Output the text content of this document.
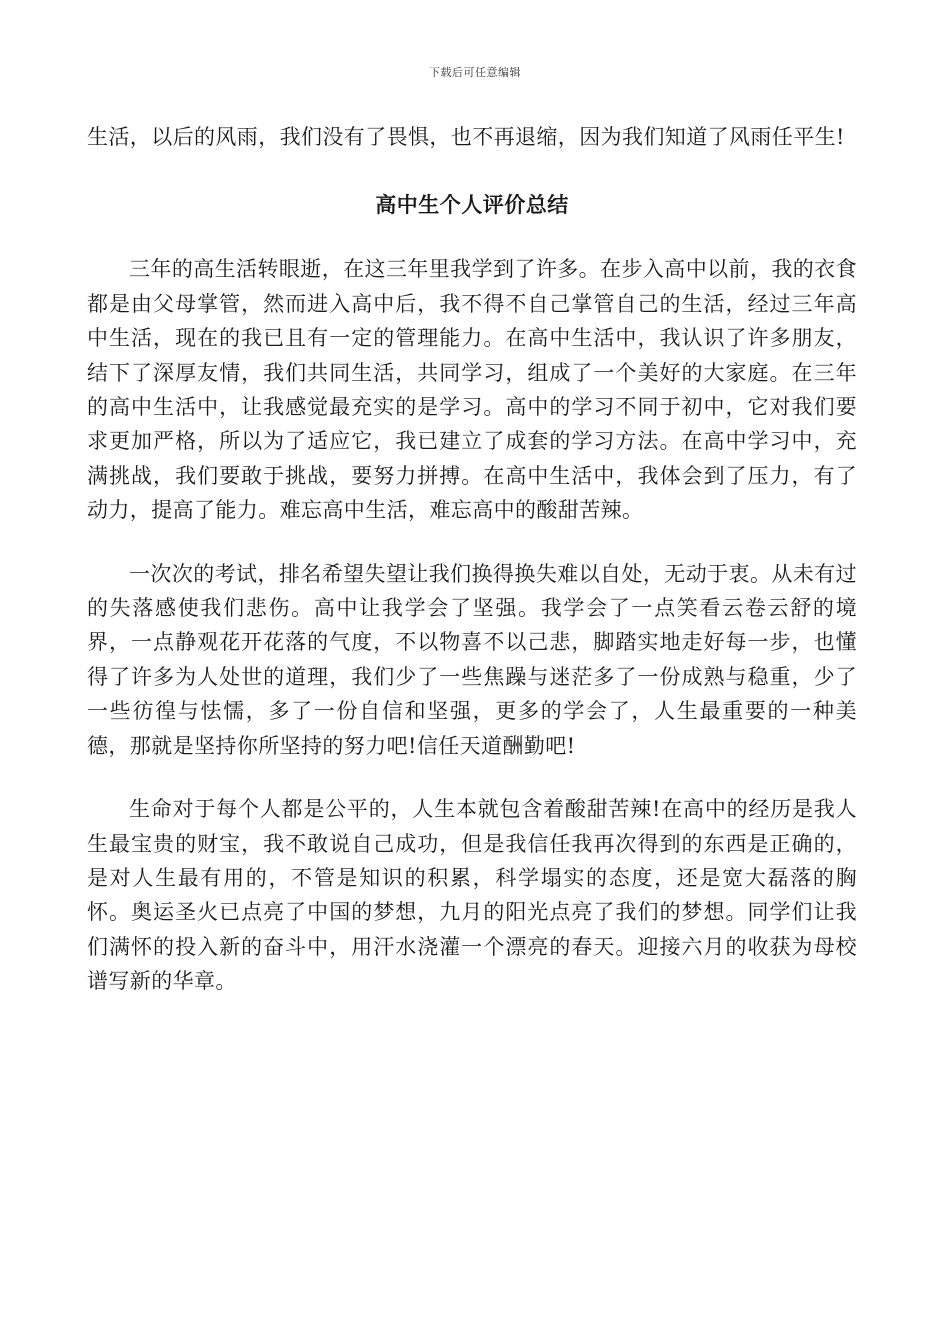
下载后可任意编辑

生活，以后的风雨，我们没有了畏惧，也不再退缩，因为我们知道了风雨任平生!

高中生个人评价总结

三年的高生活转眼逝，在这三年里我学到了许多。在步入高中以前，我的衣食都是由父母掌管，然而进入高中后，我不得不自己掌管自己的生活，经过三年高中生活，现在的我已且有一定的管理能力。在高中生活中，我认识了许多朋友，结下了深厚友情，我们共同生活，共同学习，组成了一个美好的大家庭。在三年的高中生活中，让我感觉最充实的是学习。高中的学习不同于初中，它对我们要求更加严格，所以为了适应它，我已建立了成套的学习方法。在高中学习中，充满挑战，我们要敢于挑战，要努力拼搏。在高中生活中，我体会到了压力，有了动力，提高了能力。难忘高中生活，难忘高中的酸甜苦辣。

一次次的考试，排名希望失望让我们换得换失难以自处，无动于衷。从未有过的失落感使我们悲伤。高中让我学会了坚强。我学会了一点笑看云卷云舒的境界，一点静观花开花落的气度，不以物喜不以己悲，脚踏实地走好每一步，也懂得了许多为人处世的道理，我们少了一些焦躁与迷茫多了一份成熟与稳重，少了一些彷徨与怯懦，多了一份自信和坚强，更多的学会了，人生最重要的一种美德，那就是坚持你所坚持的努力吧!信任天道酬勤吧!

生命对于每个人都是公平的，人生本就包含着酸甜苦辣!在高中的经历是我人生最宝贵的财宝，我不敢说自己成功，但是我信任我再次得到的东西是正确的，是对人生最有用的，不管是知识的积累，科学塌实的态度，还是宽大磊落的胸怀。奥运圣火已点亮了中国的梦想，九月的阳光点亮了我们的梦想。同学们让我们满怀的投入新的奋斗中，用汗水浇灌一个漂亮的春天。迎接六月的收获为母校谱写新的华章。
